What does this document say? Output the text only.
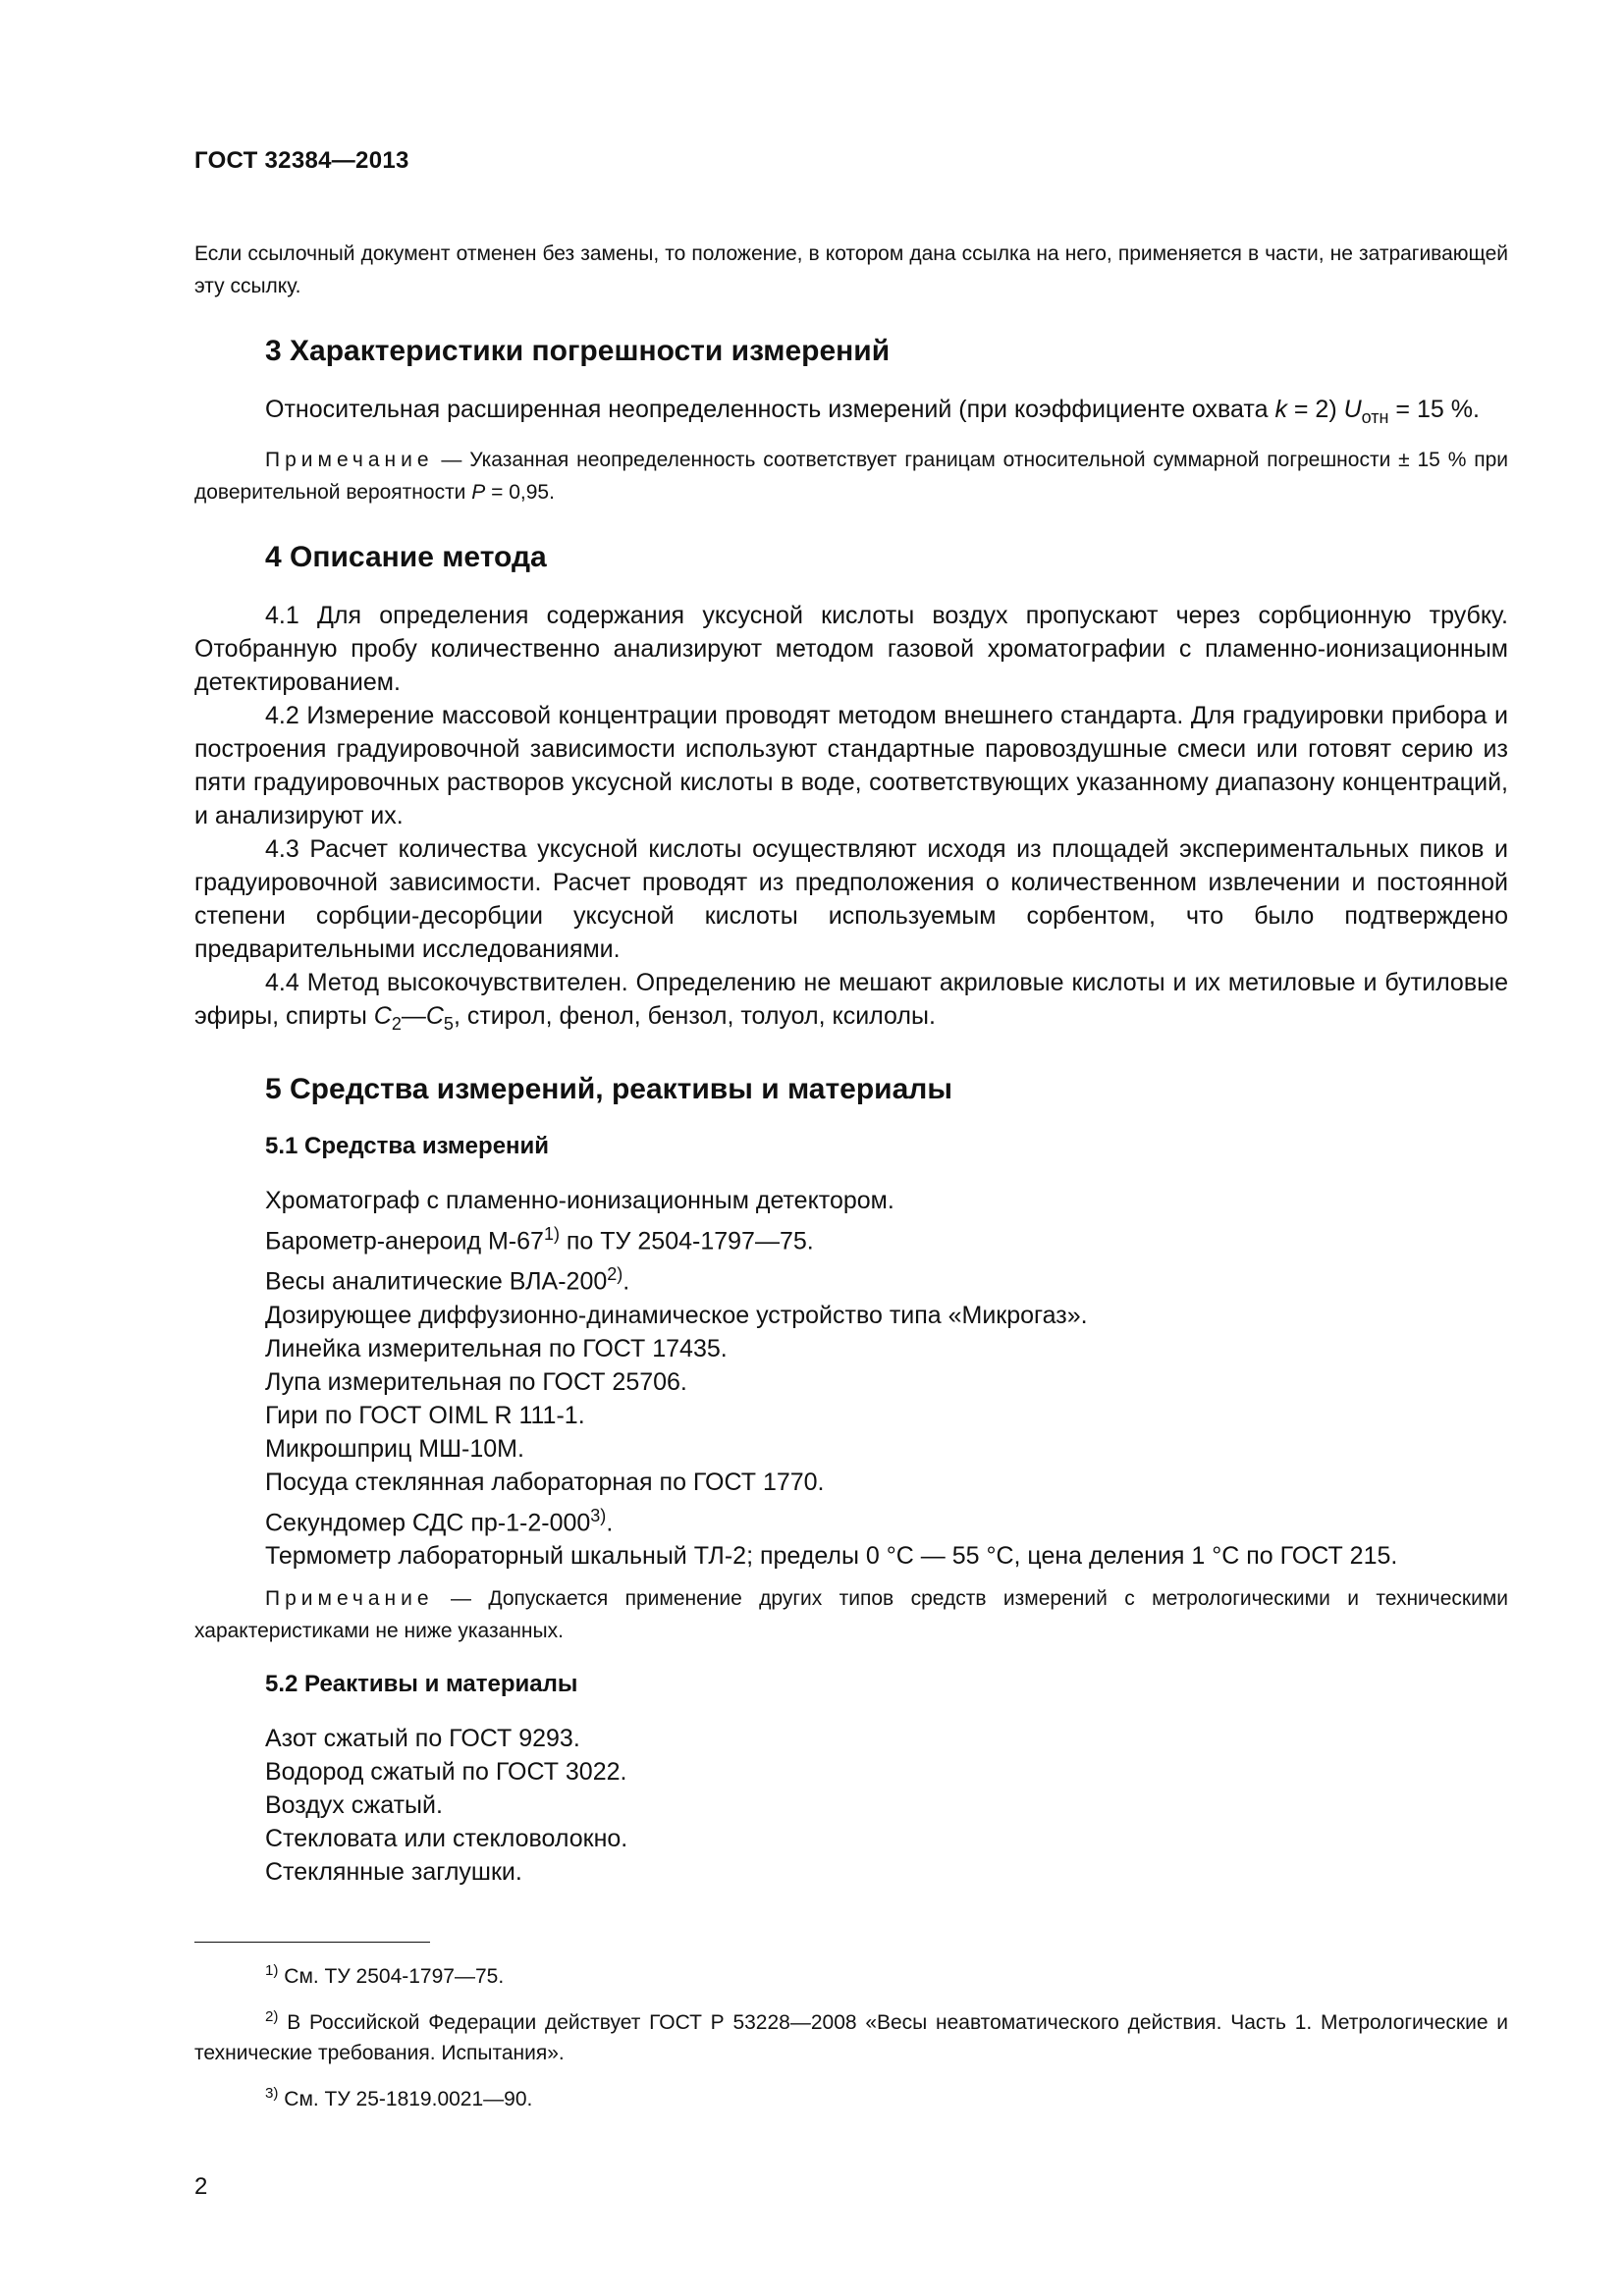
ГОСТ 32384—2013

Если ссылочный документ отменен без замены, то положение, в котором дана ссылка на него, применяется в части, не затрагивающей эту ссылку.

3 Характеристики погрешности измерений

Относительная расширенная неопределенность измерений (при коэффициенте охвата k = 2) $U_{отн} = 15$ %.

Примечание — Указанная неопределенность соответствует границам относительной суммарной погрешности ± 15 % при доверительной вероятности P = 0,95.

4 Описание метода

4.1 Для определения содержания уксусной кислоты воздух пропускают через сорбционную трубку. Отобранную пробу количественно анализируют методом газовой хроматографии с пламенно-ионизационным детектированием.

4.2 Измерение массовой концентрации проводят методом внешнего стандарта. Для градуировки прибора и построения градуировочной зависимости используют стандартные паровоздушные смеси или готовят серию из пяти градуировочных растворов уксусной кислоты в воде, соответствующих указанному диапазону концентраций, и анализируют их.

4.3 Расчет количества уксусной кислоты осуществляют исходя из площадей экспериментальных пиков и градуировочной зависимости. Расчет проводят из предположения о количественном извлечении и постоянной степени сорбции-десорбции уксусной кислоты используемым сорбентом, что было подтверждено предварительными исследованиями.

4.4 Метод высокочувствителен. Определению не мешают акриловые кислоты и их метиловые и бутиловые эфиры, спирты $C_2—C_5$, стирол, фенол, бензол, толуол, ксилолы.

5 Средства измерений, реактивы и материалы
5.1 Средства измерений
Хроматограф с пламенно-ионизационным детектором.
Барометр-анероид М-67$^{1)}$ по ТУ 2504-1797—75.
Весы аналитические ВЛА-200$^{2)}$.
Дозирующее диффузионно-динамическое устройство типа «Микрогаз».
Линейка измерительная по ГОСТ 17435.
Лупа измерительная по ГОСТ 25706.
Гири по ГОСТ OIML R 111-1.
Микрошприц МШ-10М.
Посуда стеклянная лабораторная по ГОСТ 1770.
Секундомер СДС пр-1-2-000$^{3)}$.
Термометр лабораторный шкальный ТЛ-2; пределы 0 °С — 55 °С, цена деления 1 °С по ГОСТ 215.

Примечание — Допускается применение других типов средств измерений с метрологическими и техническими характеристиками не ниже указанных.

5.2 Реактивы и материалы
Азот сжатый по ГОСТ 9293.
Водород сжатый по ГОСТ 3022.
Воздух сжатый.
Стекловата или стекловолокно.
Стеклянные заглушки.

$^{1)}$ См. ТУ 2504-1797—75.

$^{2)}$ В Российской Федерации действует ГОСТ Р 53228—2008 «Весы неавтоматического действия. Часть 1. Метрологические и технические требования. Испытания».

$^{3)}$ См. ТУ 25-1819.0021—90.

2
